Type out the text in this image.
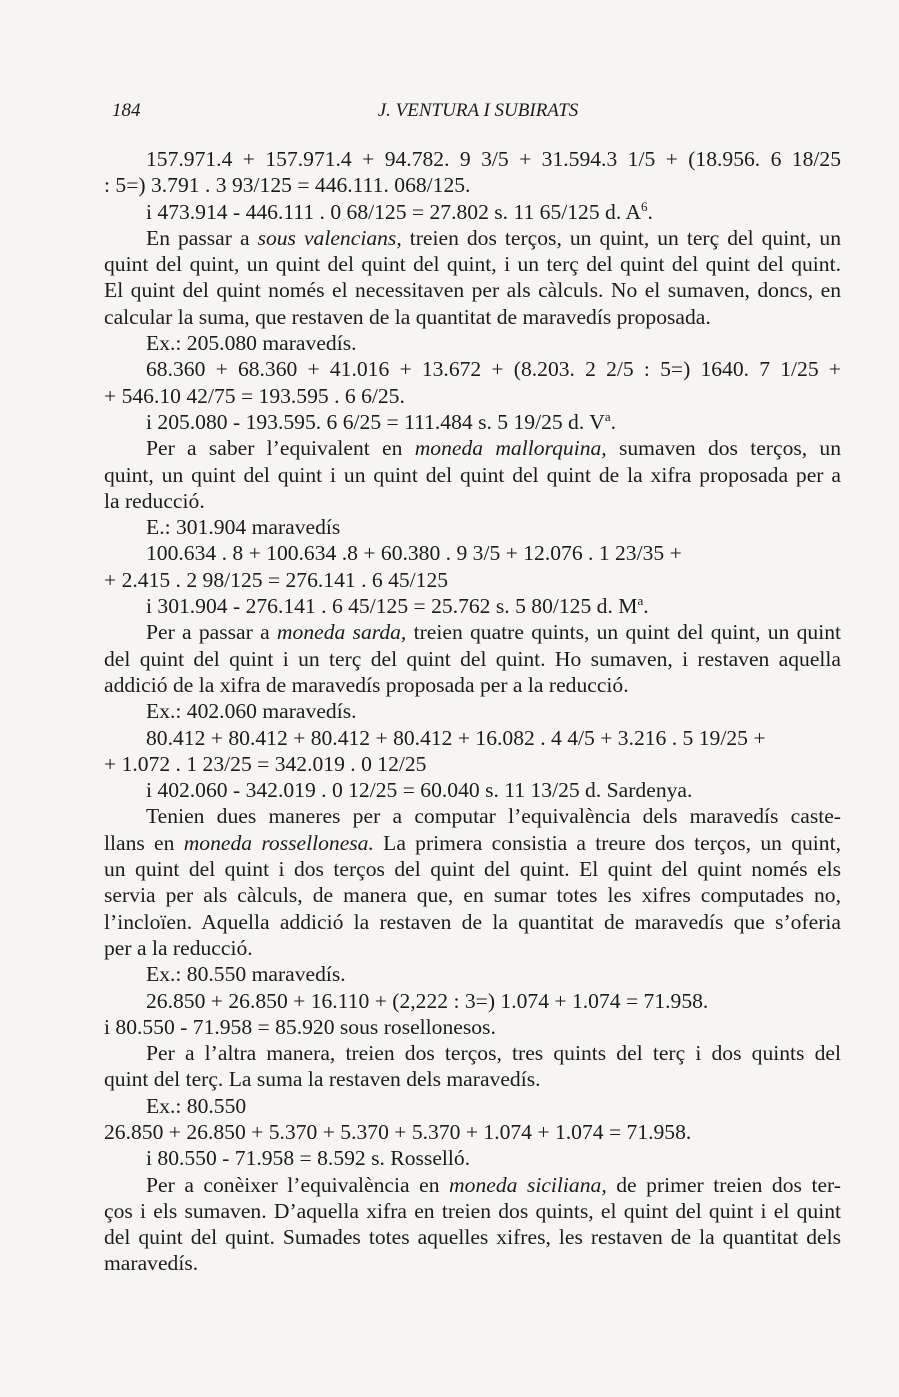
184	J. VENTURA I SUBIRATS
157.971.4 + 157.971.4 + 94.782. 9 3/5 + 31.594.3 1/5 + (18.956. 6 18/25
: 5=) 3.791 . 3 93/125 = 446.111. 068/125.
i 473.914 - 446.111 . 0 68/125 = 27.802 s. 11 65/125 d. $A^6$.
En passar a sous valencians, treien dos terços, un quint, un terç del quint, un
quint del quint, un quint del quint del quint, i un terç del quint del quint del quint.
El quint del quint només el necessitaven per als càlculs. No el sumaven, doncs, en
calcular la suma, que restaven de la quantitat de maravedís proposada.
Ex.: 205.080 maravedís.
68.360 + 68.360 + 41.016 + 13.672 + (8.203. 2 2/5 : 5=) 1640. 7 1/25 +
+ 546.10 42/75 = 193.595 . 6 6/25.
i 205.080 - 193.595. 6 6/25 = 111.484 s. 5 19/25 d. $V^a$.
Per a saber l’equivalent en moneda mallorquina, sumaven dos terços, un
quint, un quint del quint i un quint del quint del quint de la xifra proposada per a
la reducció.
E.: 301.904 maravedís
100.634 . 8 + 100.634 .8 + 60.380 . 9 3/5 + 12.076 . 1 23/35 +
+ 2.415 . 2 98/125 = 276.141 . 6 45/125
i 301.904 - 276.141 . 6 45/125 = 25.762 s. 5 80/125 d. $M^a$.
Per a passar a moneda sarda, treien quatre quints, un quint del quint, un quint
del quint del quint i un terç del quint del quint. Ho sumaven, i restaven aquella
addició de la xifra de maravedís proposada per a la reducció.
Ex.: 402.060 maravedís.
80.412 + 80.412 + 80.412 + 80.412 + 16.082 . 4 4/5 + 3.216 . 5 19/25 +
+ 1.072 . 1 23/25 = 342.019 . 0 12/25
i 402.060 - 342.019 . 0 12/25 = 60.040 s. 11 13/25 d. Sardenya.
Tenien dues maneres per a computar l’equivalència dels maravedís caste-
llans en moneda rossellonesa. La primera consistia a treure dos terços, un quint,
un quint del quint i dos terços del quint del quint. El quint del quint només els
servia per als càlculs, de manera que, en sumar totes les xifres computades no,
l’incloïen. Aquella addició la restaven de la quantitat de maravedís que s’oferia
per a la reducció.
Ex.: 80.550 maravedís.
26.850 + 26.850 + 16.110 + (2,222 : 3=) 1.074 + 1.074 = 71.958.
i 80.550 - 71.958 = 85.920 sous rosellonesos.
Per a l’altra manera, treien dos terços, tres quints del terç i dos quints del
quint del terç. La suma la restaven dels maravedís.
Ex.: 80.550
26.850 + 26.850 + 5.370 + 5.370 + 5.370 + 1.074 + 1.074 = 71.958.
i 80.550 - 71.958 = 8.592 s. Rosselló.
Per a conèixer l’equivalència en moneda siciliana, de primer treien dos ter-
ços i els sumaven. D’aquella xifra en treien dos quints, el quint del quint i el quint
del quint del quint. Sumades totes aquelles xifres, les restaven de la quantitat dels
maravedís.
